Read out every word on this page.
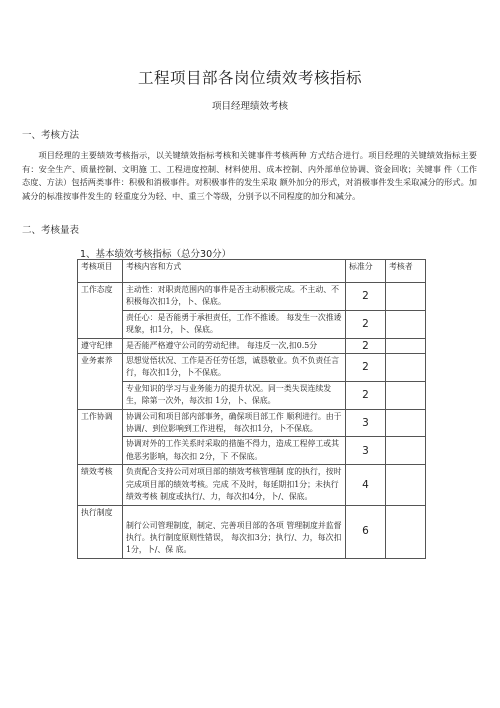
工程项目部各岗位绩效考核指标
项目经理绩效考核
一、考核方法
项目经理的主要绩效考核指示，以关键绩效指标考核和关键事件考核两种 方式结合进行。项目经理的关键绩效指标主要有：安全生产、质量控制、文明施 工、工程进度控制、材料使用、成本控制、内外部单位协调、资金回收；关键事 件（工作态度、方法）包括两类事件：积极和消极事件。对积极事件的发生采取 额外加分的形式，对消极事件发生采取减分的形式。加减分的标准按事件发生的 轻重度分为轻、中、重三个等级，分别予以不同程度的加分和减分。
二、考核量表
1、基本绩效考核指标（总分30分）
考核项目	考核内容和方式	标准分	考核者
工作态度	主动性：对职责范围内的事件是否主动积极完成。不主动、不积极每次扣1分，卜、保底。	2	
	责任心：是否能勇于承担责任，工作不推诿。 每发生一次推诿现象，扣1分，卜、保底。	2	
遵守纪律	是否能严格遵守公司的劳动纪律。 每违反一次,扣0.5分	2	
业务素养	思想觉悟状况、工作是否任劳任怨，诚恳敬业。负不负责任言行，每次扣1分，卜不保底。	2	
	专业知识的学习与业务能力的提升状况。同一类失误连续发生，除第一次外，每次扣 1分，卜、保底。	2	
工作协调	协调公司和项目部内部事务，确保项目部工作 顺利进行。由于协调/、到位影响到工作进程， 每次扣1分，卜不保底。	3	
	协调对外的工作关系时采取的措施不得力，造成工程停工或其他恶劣影响，每次扣 2分，下 不保底。	3	
绩效考核	负责配合支持公司对项目部的绩效考核管理制 度的执行，按时完成项目部的绩效考核。完成 不及时，每延期扣1分；未执行绩效考核 制度或执行/、力，每次扣4分，卜/、保底。	4	
执行制度	制行公司管理制度，制定、完善项目部的各项 管理制度并监督执行。执行制度原则性错误， 每次扣3分；执行/、力，每次扣1分，卜/、保 底。	6	
